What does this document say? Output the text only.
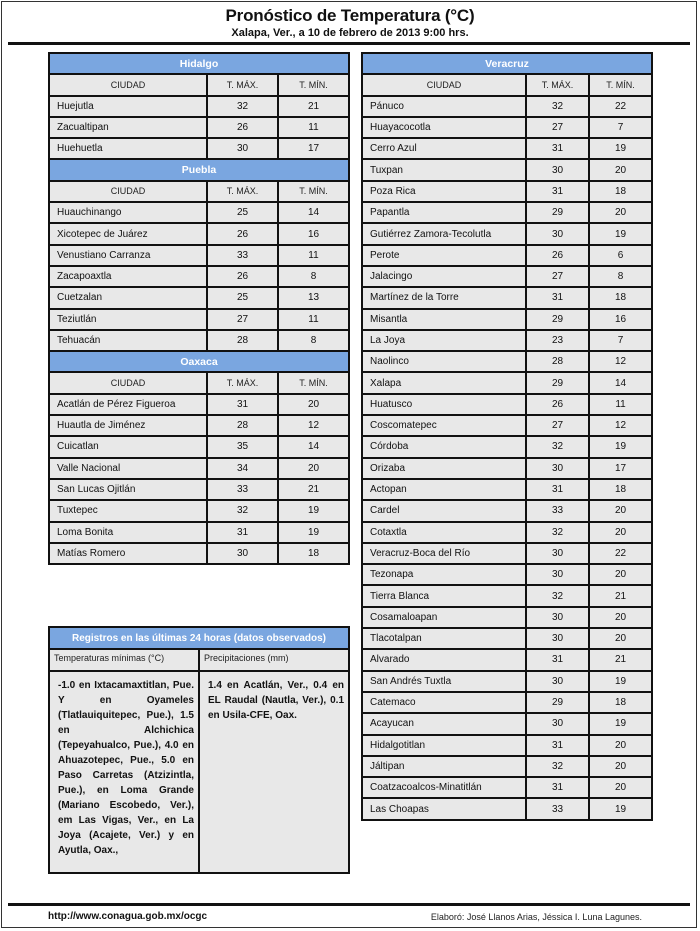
Pronóstico de Temperatura (°C)
Xalapa, Ver., a 10 de febrero de 2013 9:00 hrs.
Hidalgo		
CIUDAD	T. MÁX.	T. MÍN.
Huejutla	32	21
Zacualtipan	26	11
Huehuetla	30	17
Puebla		
CIUDAD	T. MÁX.	T. MÍN.
Huauchinango	25	14
Xicotepec de Juárez	26	16
Venustiano Carranza	33	11
Zacapoaxtla	26	8
Cuetzalan	25	13
Teziutlán	27	11
Tehuacán	28	8
Oaxaca		
CIUDAD	T. MÁX.	T. MÍN.
Acatlán de Pérez Figueroa	31	20
Huautla de Jiménez	28	12
Cuicatlan	35	14
Valle Nacional	34	20
San Lucas Ojitlán	33	21
Tuxtepec	32	19
Loma Bonita	31	19
Matías Romero	30	18
Veracruz		
CIUDAD	T. MÁX.	T. MÍN.
Pánuco	32	22
Huayacocotla	27	7
Cerro Azul	31	19
Tuxpan	30	20
Poza Rica	31	18
Papantla	29	20
Gutiérrez Zamora-Tecolutla	30	19
Perote	26	6
Jalacingo	27	8
Martínez de la Torre	31	18
Misantla	29	16
La Joya	23	7
Naolinco	28	12
Xalapa	29	14
Huatusco	26	11
Coscomatepec	27	12
Córdoba	32	19
Orizaba	30	17
Actopan	31	18
Cardel	33	20
Cotaxtla	32	20
Veracruz-Boca del Río	30	22
Tezonapa	30	20
Tierra Blanca	32	21
Cosamaloapan	30	20
Tlacotalpan	30	20
Alvarado	31	21
San Andrés Tuxtla	30	19
Catemaco	29	18
Acayucan	30	19
Hidalgotitlan	31	20
Jáltipan	32	20
Coatzacoalcos-Minatitlán	31	20
Las Choapas	33	19
Registros en las últimas 24 horas (datos observados)	
Temperaturas mínimas (°C)	Precipitaciones (mm)
-1.0 en Ixtacamaxtitlan, Pue. Y en Oyameles (Tlatlauiquitepec, Pue.), 1.5 en Alchichica (Tepeyahualco, Pue.), 4.0 en Ahuazotepec, Pue., 5.0 en Paso Carretas (Atzizintla, Pue.), en Loma Grande (Mariano Escobedo, Ver.), em Las Vigas, Ver., en La Joya (Acajete, Ver.) y en Ayutla, Oax.,	1.4 en Acatlán, Ver., 0.4 en EL Raudal (Nautla, Ver.), 0.1 en Usila-CFE, Oax.
http://www.conagua.gob.mx/ocgc	Elaboró: José Llanos Arias, Jéssica I. Luna Lagunes.
